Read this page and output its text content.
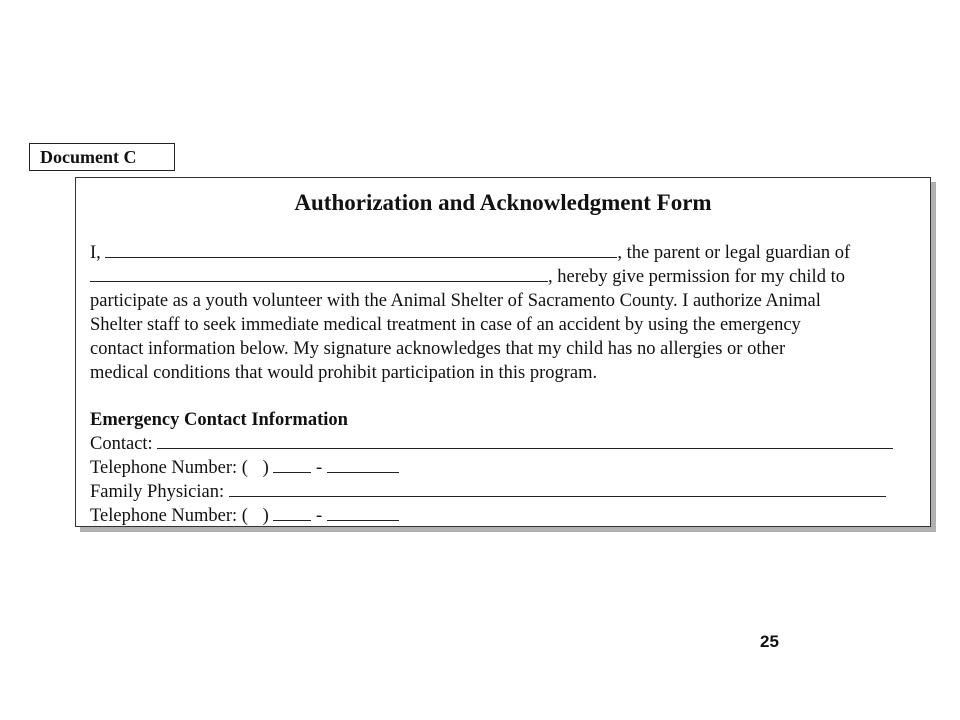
Document C
Authorization and Acknowledgment Form
I,	, the parent or legal guardian of
, hereby give permission for my child to
participate as a youth volunteer with the Animal Shelter of Sacramento County. I authorize Animal
Shelter staff to seek immediate medical treatment in case of an accident by using the emergency
contact information below. My signature acknowledges that my child has no allergies or other
medical conditions that would prohibit participation in this program.
Emergency Contact Information
Contact:
Telephone Number: ( )	-
Family Physician:
Telephone Number: ( )	-
25
